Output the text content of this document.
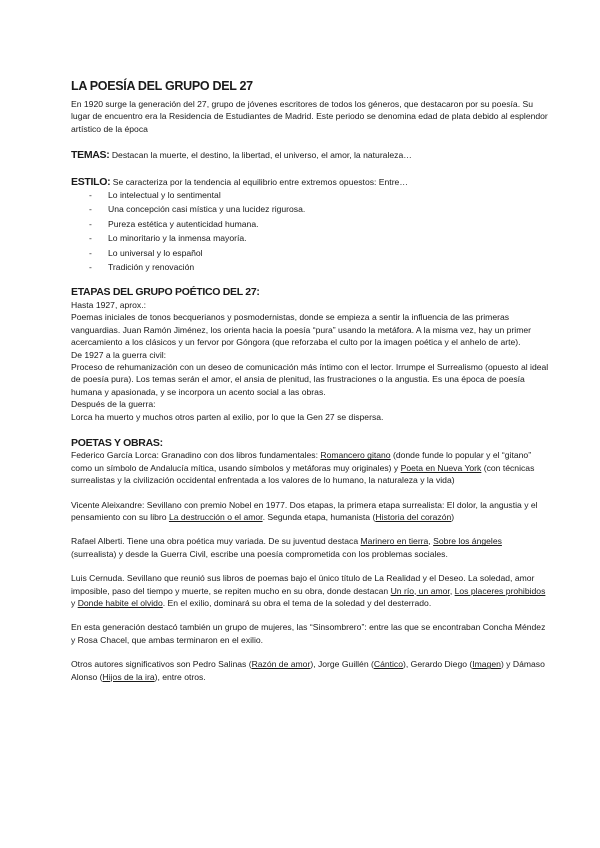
LA POESÍA DEL GRUPO DEL 27

En 1920 surge la generación del 27, grupo de jóvenes escritores de todos los géneros, que destacaron por su poesía. Su lugar de encuentro era la Residencia de Estudiantes de Madrid. Este periodo se denomina edad de plata debido al esplendor artístico de la época

TEMAS: Destacan la muerte, el destino, la libertad, el universo, el amor, la naturaleza…

ESTILO: Se caracteriza por la tendencia al equilibrio entre extremos opuestos: Entre…

- Lo intelectual y lo sentimental
- Una concepción casi mística y una lucidez rigurosa.
- Pureza estética y autenticidad humana.
- Lo minoritario y la inmensa mayoría.
- Lo universal y lo español
- Tradición y renovación

ETAPAS DEL GRUPO POÉTICO DEL 27:

Hasta 1927, aprox.:

Poemas iniciales de tonos becquerianos y posmodernistas, donde se empieza a sentir la influencia de las primeras vanguardias. Juan Ramón Jiménez, los orienta hacia la poesía “pura” usando la metáfora. A la misma vez, hay un primer acercamiento a los clásicos y un fervor por Góngora (que reforzaba el culto por la imagen poética y el anhelo de arte).

De 1927 a la guerra civil:

Proceso de rehumanización con un deseo de comunicación más íntimo con el lector. Irrumpe el Surrealismo (opuesto al ideal de poesía pura). Los temas serán el amor, el ansia de plenitud, las frustraciones o la angustia. Es una época de poesía humana y apasionada, y se incorpora un acento social a las obras.

Después de la guerra:

Lorca ha muerto y muchos otros parten al exilio, por lo que la Gen 27 se dispersa.

POETAS Y OBRAS:

Federico García Lorca: Granadino con dos libros fundamentales: Romancero gitano (donde funde lo popular y el “gitano” como un símbolo de Andalucía mítica, usando símbolos y metáforas muy originales) y Poeta en Nueva York (con técnicas surrealistas y la civilización occidental enfrentada a los valores de lo humano, la naturaleza y la vida)

Vicente Aleixandre: Sevillano con premio Nobel en 1977. Dos etapas, la primera etapa surrealista: El dolor, la angustia y el pensamiento con su libro La destrucción o el amor. Segunda etapa, humanista (Historia del corazón)

Rafael Alberti. Tiene una obra poética muy variada. De su juventud destaca Marinero en tierra, Sobre los ángeles (surrealista) y desde la Guerra Civil, escribe una poesía comprometida con los problemas sociales.

Luis Cernuda. Sevillano que reunió sus libros de poemas bajo el único título de La Realidad y el Deseo. La soledad, amor imposible, paso del tiempo y muerte, se repiten mucho en su obra, donde destacan Un río, un amor, Los placeres prohibidos y Donde habite el olvido. En el exilio, dominará su obra el tema de la soledad y del desterrado.

En esta generación destacó también un grupo de mujeres, las “Sinsombrero”: entre las que se encontraban Concha Méndez y Rosa Chacel, que ambas terminaron en el exilio.

Otros autores significativos son Pedro Salinas (Razón de amor), Jorge Guillén (Cántico), Gerardo Diego (Imagen) y Dámaso Alonso (Hijos de la ira), entre otros.
